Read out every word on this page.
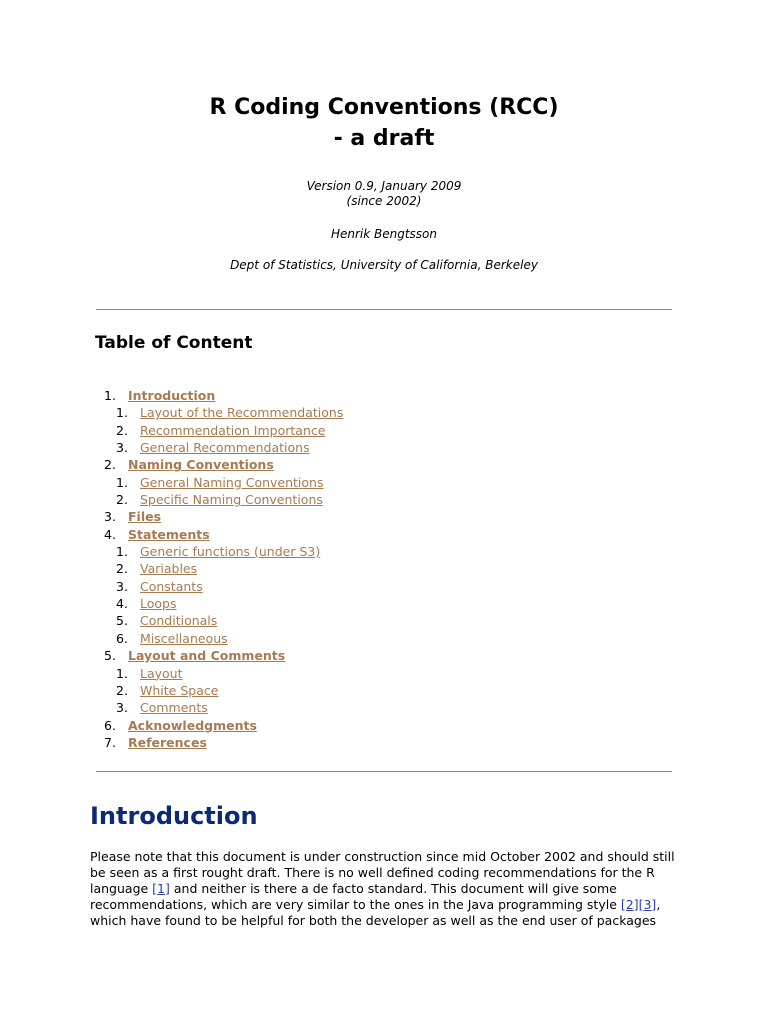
R Coding Conventions (RCC)
- a draft

Version 0.9, January 2009
(since 2002)

Henrik Bengtsson

Dept of Statistics, University of California, Berkeley

Table of Content
1. Introduction
1. Layout of the Recommendations
2. Recommendation Importance
3. General Recommendations
2. Naming Conventions
1. General Naming Conventions
2. Specific Naming Conventions
3. Files
4. Statements
1. Generic functions (under S3)
2. Variables
3. Constants
4. Loops
5. Conditionals
6. Miscellaneous
5. Layout and Comments
1. Layout
2. White Space
3. Comments
6. Acknowledgments
7. References
Introduction

Please note that this document is under construction since mid October 2002 and should still be seen as a first rought draft. There is no well defined coding recommendations for the R language [1] and neither is there a de facto standard. This document will give some recommendations, which are very similar to the ones in the Java programming style [2][3], which have found to be helpful for both the developer as well as the end user of packages
